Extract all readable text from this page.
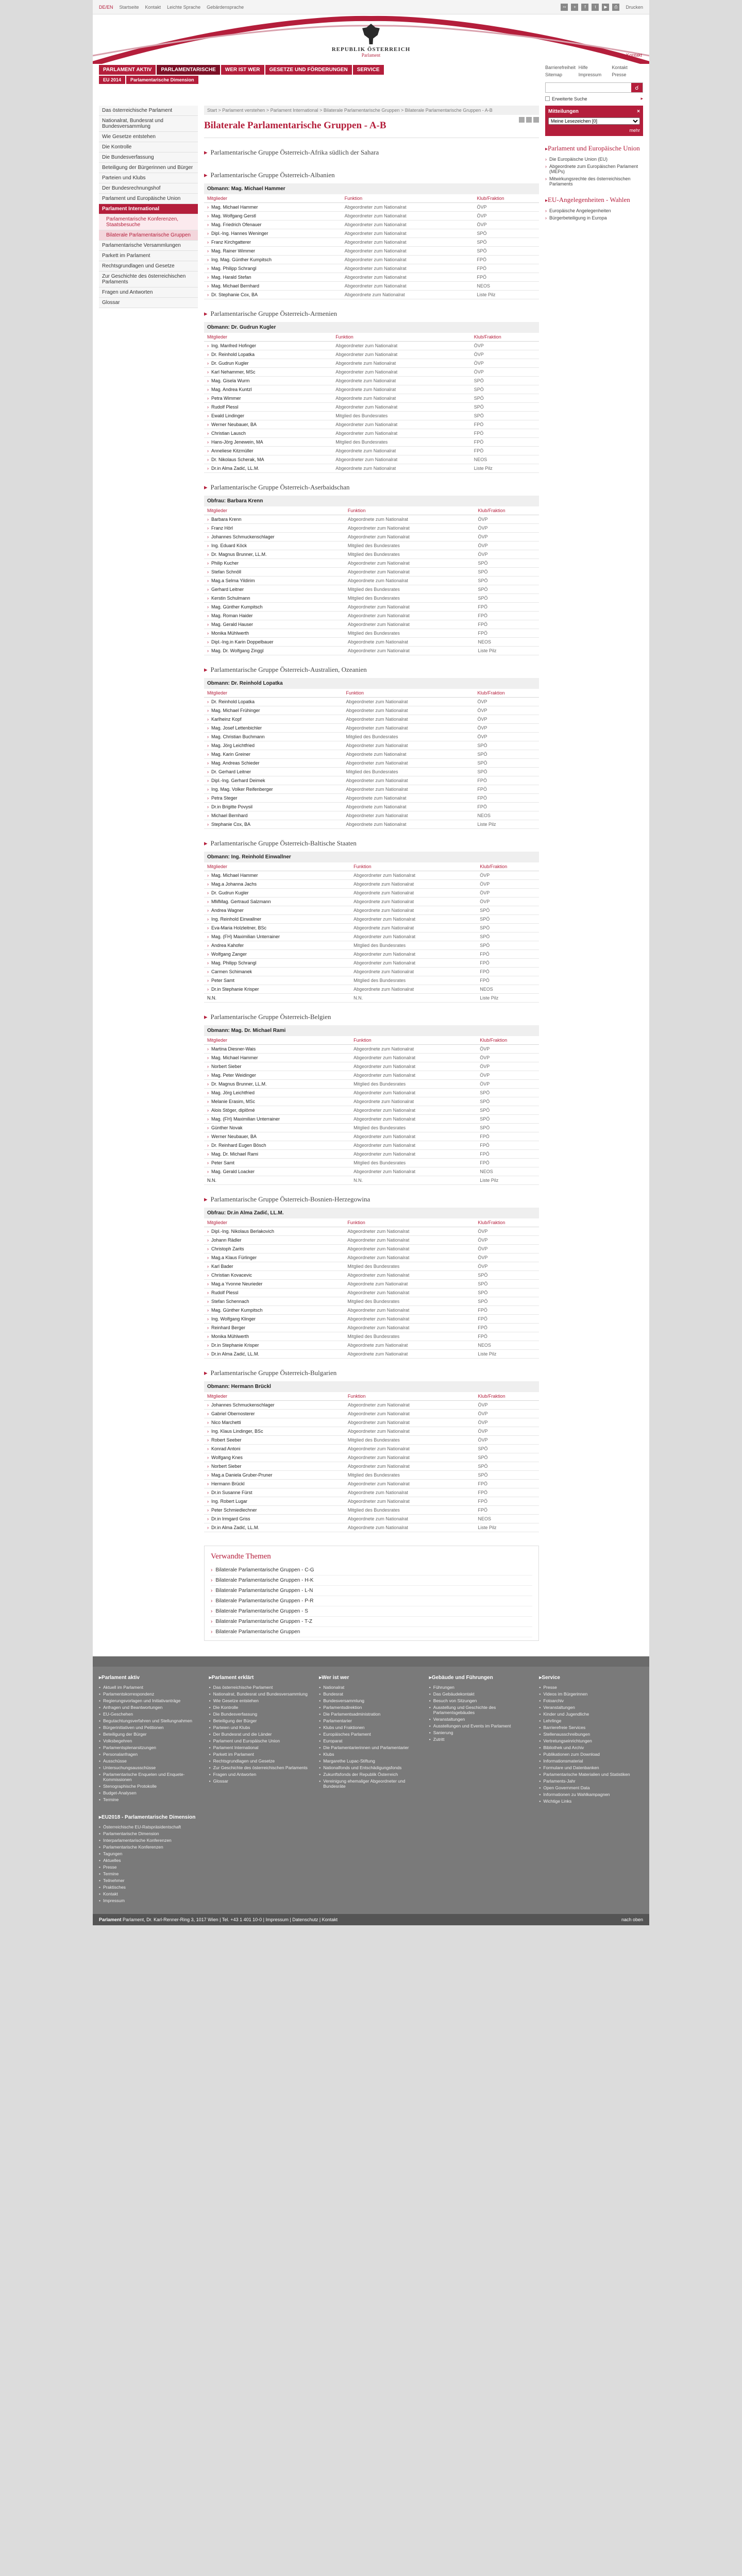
DE/EN Startseite Kontakt Leichte Sprache Gebärdensprache	∾	+	f	t	▶	⎙	Drucken
REPUBLIK ÖSTERREICH
Parlament	> Kontakt
PARLAMENT AKTIV	PARLAMENTARISCHE	WER IST WER	GESETZE UND FÖRDERUNGEN	SERVICE
EU 2014	Parlamentarische Dimension
Barrierefreiheit Hilfe	Kontakt
Sitemap	Impressum	Presse
☌
Erweiterte Suche	▸
Das österreichische Parlament
Nationalrat, Bundesrat und Bundesversammlung
Wie Gesetze entstehen
Die Kontrolle
Die Bundesverfassung
Beteiligung der Bürgerinnen und Bürger
Parteien und Klubs
Der Bundesrechnungshof
Parlament und Europäische Union
Parlament International
Parlamentarische Konferenzen, Staatsbesuche
Bilaterale Parlamentarische Gruppen
Parlamentarische Versammlungen
Parkett im Parlament
Rechtsgrundlagen und Gesetze
Zur Geschichte des österreichischen Parlaments
Fragen und Antworten
Glossar
Start > Parlament verstehen > Parlament International > Bilaterale Parlamentarische Gruppen > Bilaterale Parlamentarische Gruppen - A-B
Bilaterale Parlamentarische Gruppen - A-B
▸ Parlamentarische Gruppe Österreich-Afrika südlich der Sahara
▸ Parlamentarische Gruppe Österreich-Albanien
Obmann: Mag. Michael Hammer
Mitglieder	Funktion	Klub/Fraktion
› Mag. Michael Hammer	Abgeordneter zum Nationalrat	ÖVP
› Mag. Wolfgang Gerstl	Abgeordneter zum Nationalrat	ÖVP
› Mag. Friedrich Ofenauer	Abgeordneter zum Nationalrat	ÖVP
› Dipl.-Ing. Hannes Weninger	Abgeordneter zum Nationalrat	SPÖ
› Franz Kirchgatterer	Abgeordneter zum Nationalrat	SPÖ
› Mag. Rainer Wimmer	Abgeordneter zum Nationalrat	SPÖ
› Ing. Mag. Günther Kumpitsch	Abgeordneter zum Nationalrat	FPÖ
› Mag. Philipp Schrangl	Abgeordneter zum Nationalrat	FPÖ
› Mag. Harald Stefan	Abgeordneter zum Nationalrat	FPÖ
› Mag. Michael Bernhard	Abgeordneter zum Nationalrat	NEOS
› Dr. Stephanie Cox, BA	Abgeordnete zum Nationalrat	Liste Pilz
▸ Parlamentarische Gruppe Österreich-Armenien
Obmann: Dr. Gudrun Kugler
Mitglieder	Funktion	Klub/Fraktion
› Ing. Manfred Hofinger	Abgeordneter zum Nationalrat	ÖVP
› Dr. Reinhold Lopatka	Abgeordneter zum Nationalrat	ÖVP
› Dr. Gudrun Kugler	Abgeordnete zum Nationalrat	ÖVP
› Karl Nehammer, MSc	Abgeordneter zum Nationalrat	ÖVP
› Mag. Gisela Wurm	Abgeordnete zum Nationalrat	SPÖ
› Mag. Andrea Kuntzl	Abgeordnete zum Nationalrat	SPÖ
› Petra Wimmer	Abgeordnete zum Nationalrat	SPÖ
› Rudolf Plessl	Abgeordneter zum Nationalrat	SPÖ
› Ewald Lindinger	Mitglied des Bundesrates	SPÖ
› Werner Neubauer, BA	Abgeordneter zum Nationalrat	FPÖ
› Christian Lausch	Abgeordneter zum Nationalrat	FPÖ
› Hans-Jörg Jenewein, MA	Mitglied des Bundesrates	FPÖ
› Anneliese Kitzmüller	Abgeordnete zum Nationalrat	FPÖ
› Dr. Nikolaus Scherak, MA	Abgeordneter zum Nationalrat	NEOS
› Dr.in Alma Zadić, LL.M.	Abgeordnete zum Nationalrat	Liste Pilz
▸ Parlamentarische Gruppe Österreich-Aserbaidschan
Obfrau: Barbara Krenn
Mitglieder	Funktion	Klub/Fraktion
› Barbara Krenn	Abgeordnete zum Nationalrat	ÖVP
› Franz Hörl	Abgeordneter zum Nationalrat	ÖVP
› Johannes Schmuckenschlager	Abgeordneter zum Nationalrat	ÖVP
› Ing. Eduard Köck	Mitglied des Bundesrates	ÖVP
› Dr. Magnus Brunner, LL.M.	Mitglied des Bundesrates	ÖVP
› Philip Kucher	Abgeordneter zum Nationalrat	SPÖ
› Stefan Schnöll	Abgeordneter zum Nationalrat	SPÖ
› Mag.a Selma Yildirim	Abgeordnete zum Nationalrat	SPÖ
› Gerhard Leitner	Mitglied des Bundesrates	SPÖ
› Kerstin Schulmann	Mitglied des Bundesrates	SPÖ
› Mag. Günther Kumpitsch	Abgeordneter zum Nationalrat	FPÖ
› Mag. Roman Haider	Abgeordneter zum Nationalrat	FPÖ
› Mag. Gerald Hauser	Abgeordneter zum Nationalrat	FPÖ
› Monika Mühlwerth	Mitglied des Bundesrates	FPÖ
› Dipl.-Ing.in Karin Doppelbauer	Abgeordnete zum Nationalrat	NEOS
› Mag. Dr. Wolfgang Zinggl	Abgeordneter zum Nationalrat	Liste Pilz
▸ Parlamentarische Gruppe Österreich-Australien, Ozeanien
Obmann: Dr. Reinhold Lopatka
Mitglieder	Funktion	Klub/Fraktion
› Dr. Reinhold Lopatka	Abgeordneter zum Nationalrat	ÖVP
› Mag. Michael Frühinger	Abgeordneter zum Nationalrat	ÖVP
› Karlheinz Kopf	Abgeordneter zum Nationalrat	ÖVP
› Mag. Josef Lettenbichler	Abgeordneter zum Nationalrat	ÖVP
› Mag. Christian Buchmann	Mitglied des Bundesrates	ÖVP
› Mag. Jörg Leichtfried	Abgeordneter zum Nationalrat	SPÖ
› Mag. Karin Greiner	Abgeordnete zum Nationalrat	SPÖ
› Mag. Andreas Schieder	Abgeordneter zum Nationalrat	SPÖ
› Dr. Gerhard Leitner	Mitglied des Bundesrates	SPÖ
› Dipl.-Ing. Gerhard Deimek	Abgeordneter zum Nationalrat	FPÖ
› Ing. Mag. Volker Reifenberger	Abgeordneter zum Nationalrat	FPÖ
› Petra Steger	Abgeordnete zum Nationalrat	FPÖ
› Dr.in Brigitte Povysil	Abgeordnete zum Nationalrat	FPÖ
› Michael Bernhard	Abgeordneter zum Nationalrat	NEOS
› Stephanie Cox, BA	Abgeordnete zum Nationalrat	Liste Pilz
▸ Parlamentarische Gruppe Österreich-Baltische Staaten
Obmann: Ing. Reinhold Einwallner
Mitglieder	Funktion	Klub/Fraktion
› Mag. Michael Hammer	Abgeordneter zum Nationalrat	ÖVP
› Mag.a Johanna Jachs	Abgeordnete zum Nationalrat	ÖVP
› Dr. Gudrun Kugler	Abgeordnete zum Nationalrat	ÖVP
› MMMag. Gertraud Salzmann	Abgeordnete zum Nationalrat	ÖVP
› Andrea Wagner	Abgeordnete zum Nationalrat	SPÖ
› Ing. Reinhold Einwallner	Abgeordneter zum Nationalrat	SPÖ
› Eva-Maria Holzleitner, BSc	Abgeordnete zum Nationalrat	SPÖ
› Mag. (FH) Maximilian Unterrainer	Abgeordneter zum Nationalrat	SPÖ
› Andrea Kahofer	Mitglied des Bundesrates	SPÖ
› Wolfgang Zanger	Abgeordneter zum Nationalrat	FPÖ
› Mag. Philipp Schrangl	Abgeordneter zum Nationalrat	FPÖ
› Carmen Schimanek	Abgeordnete zum Nationalrat	FPÖ
› Peter Samt	Mitglied des Bundesrates	FPÖ
› Dr.in Stephanie Krisper	Abgeordnete zum Nationalrat	NEOS
N.N.	N.N.	Liste Pilz
▸ Parlamentarische Gruppe Österreich-Belgien
Obmann: Mag. Dr. Michael Rami
Mitglieder	Funktion	Klub/Fraktion
› Martina Diesner-Wais	Abgeordnete zum Nationalrat	ÖVP
› Mag. Michael Hammer	Abgeordneter zum Nationalrat	ÖVP
› Norbert Sieber	Abgeordneter zum Nationalrat	ÖVP
› Mag. Peter Weidinger	Abgeordneter zum Nationalrat	ÖVP
› Dr. Magnus Brunner, LL.M.	Mitglied des Bundesrates	ÖVP
› Mag. Jörg Leichtfried	Abgeordneter zum Nationalrat	SPÖ
› Melanie Erasim, MSc	Abgeordnete zum Nationalrat	SPÖ
› Alois Stöger, diplômé	Abgeordneter zum Nationalrat	SPÖ
› Mag. (FH) Maximilian Unterrainer	Abgeordneter zum Nationalrat	SPÖ
› Günther Novak	Mitglied des Bundesrates	SPÖ
› Werner Neubauer, BA	Abgeordneter zum Nationalrat	FPÖ
› Dr. Reinhard Eugen Bösch	Abgeordneter zum Nationalrat	FPÖ
› Mag. Dr. Michael Rami	Abgeordneter zum Nationalrat	FPÖ
› Peter Samt	Mitglied des Bundesrates	FPÖ
› Mag. Gerald Loacker	Abgeordneter zum Nationalrat	NEOS
N.N.	N.N.	Liste Pilz
▸ Parlamentarische Gruppe Österreich-Bosnien-Herzegowina
Obfrau: Dr.in Alma Zadić, LL.M.
Mitglieder	Funktion	Klub/Fraktion
› Dipl.-Ing. Nikolaus Berlakovich	Abgeordneter zum Nationalrat	ÖVP
› Johann Rädler	Abgeordneter zum Nationalrat	ÖVP
› Christoph Zarits	Abgeordneter zum Nationalrat	ÖVP
› Mag.a Klaus Fürlinger	Abgeordneter zum Nationalrat	ÖVP
› Karl Bader	Mitglied des Bundesrates	ÖVP
› Christian Kovacevic	Abgeordneter zum Nationalrat	SPÖ
› Mag.a Yvonne Neurieder	Abgeordnete zum Nationalrat	SPÖ
› Rudolf Plessl	Abgeordneter zum Nationalrat	SPÖ
› Stefan Schennach	Mitglied des Bundesrates	SPÖ
› Mag. Günther Kumpitsch	Abgeordneter zum Nationalrat	FPÖ
› Ing. Wolfgang Klinger	Abgeordneter zum Nationalrat	FPÖ
› Reinhard Berger	Abgeordneter zum Nationalrat	FPÖ
› Monika Mühlwerth	Mitglied des Bundesrates	FPÖ
› Dr.in Stephanie Krisper	Abgeordnete zum Nationalrat	NEOS
› Dr.in Alma Zadić, LL.M.	Abgeordnete zum Nationalrat	Liste Pilz
▸ Parlamentarische Gruppe Österreich-Bulgarien
Obmann: Hermann Brückl
Mitglieder	Funktion	Klub/Fraktion
› Johannes Schmuckenschlager	Abgeordneter zum Nationalrat	ÖVP
› Gabriel Obernosterer	Abgeordneter zum Nationalrat	ÖVP
› Nico Marchetti	Abgeordneter zum Nationalrat	ÖVP
› Ing. Klaus Lindinger, BSc	Abgeordneter zum Nationalrat	ÖVP
› Robert Seeber	Mitglied des Bundesrates	ÖVP
› Konrad Antoni	Abgeordneter zum Nationalrat	SPÖ
› Wolfgang Knes	Abgeordneter zum Nationalrat	SPÖ
› Norbert Sieber	Abgeordneter zum Nationalrat	SPÖ
› Mag.a Daniela Gruber-Pruner	Mitglied des Bundesrates	SPÖ
› Hermann Brückl	Abgeordneter zum Nationalrat	FPÖ
› Dr.in Susanne Fürst	Abgeordnete zum Nationalrat	FPÖ
› Ing. Robert Lugar	Abgeordneter zum Nationalrat	FPÖ
› Peter Schmiedlechner	Mitglied des Bundesrates	FPÖ
› Dr.in Irmgard Griss	Abgeordnete zum Nationalrat	NEOS
› Dr.in Alma Zadić, LL.M.	Abgeordnete zum Nationalrat	Liste Pilz
Verwandte Themen
› Bilaterale Parlamentarische Gruppen - C-G
› Bilaterale Parlamentarische Gruppen - H-K
› Bilaterale Parlamentarische Gruppen - L-N
› Bilaterale Parlamentarische Gruppen - P-R
› Bilaterale Parlamentarische Gruppen - S
› Bilaterale Parlamentarische Gruppen - T-Z
› Bilaterale Parlamentarische Gruppen
Mitteilungen	×
Meine Lesezeichen [0]
mehr
▸ Parlament und Europäische Union
› Die Europäische Union (EU)
› Abgeordnete zum Europäischen Parlament (MEPs)
› Mitwirkungsrechte des österreichischen Parlaments
▸ EU-Angelegenheiten - Wahlen
› Europäische Angelegenheiten
› Bürgerbeteiligung in Europa
▸ Parlament aktiv
• Aktuell im Parlament
• Parlamentskorrespondenz
• Regierungsvorlagen und Initiativanträge
• Anfragen und Beantwortungen
• EU-Geschehen
• Begutachtungsverfahren und Stellungnahmen
• Bürgerinitiativen und Petitionen
• Beteiligung der Bürger
• Volksbegehren
• Parlamentsplenarsitzungen
• Personalanfragen
• Ausschüsse
• Untersuchungsausschüsse
• Parlamentarische Enqueten und Enquete-Kommissionen
• Stenographische Protokolle
• Budget-Analysen
• Termine
▸ Parlament erklärt
• Das österreichische Parlament
• Nationalrat, Bundesrat und Bundesversammlung
• Wie Gesetze entstehen
• Die Kontrolle
• Die Bundesverfassung
• Beteiligung der Bürger
• Parteien und Klubs
• Der Bundesrat und die Länder
• Parlament und Europäische Union
• Parlament International
• Parkett im Parlament
• Rechtsgrundlagen und Gesetze
• Zur Geschichte des österreichischen Parlaments
• Fragen und Antworten
• Glossar
▸ Wer ist wer
• Nationalrat
• Bundesrat
• Bundesversammlung
• Parlamentsdirektion
• Die Parlamentsadministration
• Parlamentarier
• Klubs und Fraktionen
• Europäisches Parlament
• Europarat
• Die Parlamentarierinnen und Parlamentarier
• Klubs
• Margarethe Lupac-Stiftung
• Nationalfonds und Entschädigungsfonds
• Zukunftsfonds der Republik Österreich
• Vereinigung ehemaliger Abgeordneter und Bundesräte
▸ Gebäude und Führungen
• Führungen
• Das Gebäudekontakt
• Besuch von Sitzungen
• Ausstellung und Geschichte des Parlamentsgebäudes
• Veranstaltungen
• Ausstellungen und Events im Parlament
• Sanierung
• Zutritt
▸ Service
• Presse
• Videos im Bürgerinnen
• Fotoarchiv
• Veranstaltungen
• Kinder und Jugendliche
• Lehrlinge
• Barrierefreie Services
• Stellenausschreibungen
• Vertretungseinrichtungen
• Bibliothek und Archiv
• Publikationen zum Download
• Informationsmaterial
• Formulare und Datenbanken
• Parlamentarische Materialien und Statistiken
• Parlaments-Jahr
• Open Government Data
• Informationen zu Wahlkampagnen
• Wichtige Links
▸ EU2018 - Parlamentarische Dimension
• Österreichische EU-Ratspräsidentschaft
• Parlamentarische Dimension
• Interparlamentarische Konferenzen
• Parlamentarische Konferenzen
• Tagungen
• Aktuelles
• Presse
• Termine
• Teilnehmer
• Praktisches
• Kontakt
• Impressum
Parlament Parlament, Dr. Karl-Renner-Ring 3, 1017 Wien | Tel. +43 1 401 10-0 | Impressum | Datenschutz | Kontakt	nach oben
